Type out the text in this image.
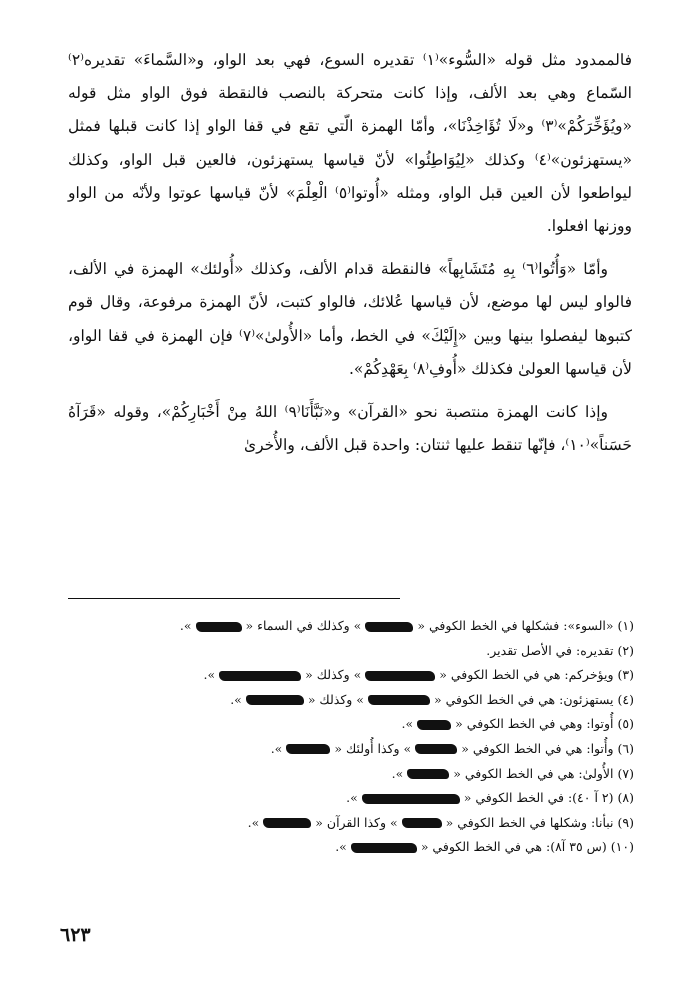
فالممدود مثل قوله «السُّوء»⁽١⁾ تقديره السوع، فهي بعد الواو، و«السَّماءَ» تقديره⁽٢⁾ السّماع وهي بعد الألف، وإذا كانت متحركة بالنصب فالنقطة فوق الواو مثل قوله «ويُؤَخِّرَكُمْ»⁽٣⁾ و«لَا تُؤَاخِذْنَا»، وأمّا الهمزة الّتي تقع في قفا الواو إذا كانت قبلها فمثل «يستهزئون»⁽٤⁾ وكذلك «لِيُوَاطِئُوا» لأنّ قياسها يستهزئون، فالعين قبل الواو، وكذلك ليواطعوا لأن العين قبل الواو، ومثله «أُوتوا⁽٥⁾ الْعِلْمَ» لأنّ قياسها عوتوا ولأنّه من الواو ووزنها افعلوا.

وأمّا «وَأُتُوا⁽٦⁾ بِهِ مُتَشَابِهاً» فالنقطة قدام الألف، وكذلك «أُولئك» الهمزة في الألف، فالواو ليس لها موضع، لأن قياسها عُلائك، فالواو كتبت، لأنّ الهمزة مرفوعة، وقال قوم كتبوها ليفصلوا بينها وبين «إِلَيْكَ» في الخط، وأما «الأُولىٰ»⁽٧⁾ فإن الهمزة في قفا الواو، لأن قياسها العولىٰ فكذلك «أُوفِ⁽٨⁾ بِعَهْدِكُمْ».

وإذا كانت الهمزة منتصبة نحو «القرآن» و«نَبَّأَنَا⁽٩⁾ اللهُ مِنْ أَخْبَارِكُمْ»، وقوله «قَرَآهُ حَسَناً»⁽١٠⁾، فإنّها تنقط عليها ثنتان: واحدة قبل الألف، والأُخرىٰ

(١) «السوء»: فشكلها في الخط الكوفي «» وكذلك في السماء «».
(٢) تقديره: في الأصل تقدير.
(٣) ويؤخركم: هي في الخط الكوفي «» وكذلك «».
(٤) يستهزئون: هي في الخط الكوفي «» وكذلك «».
(٥) أُوتوا: وهي في الخط الكوفي «».
(٦) وأُتوا: هي في الخط الكوفي «» وكذا أُولئك «».
(٧) الأُولىٰ: هي في الخط الكوفي «».
(٨) (٢ آ ٤٠): في الخط الكوفي «».
(٩) نبأنا: وشكلها في الخط الكوفي «» وكذا القرآن «».
(١٠) (س ٣٥ آ٨): هي في الخط الكوفي «».
٦٢٣
